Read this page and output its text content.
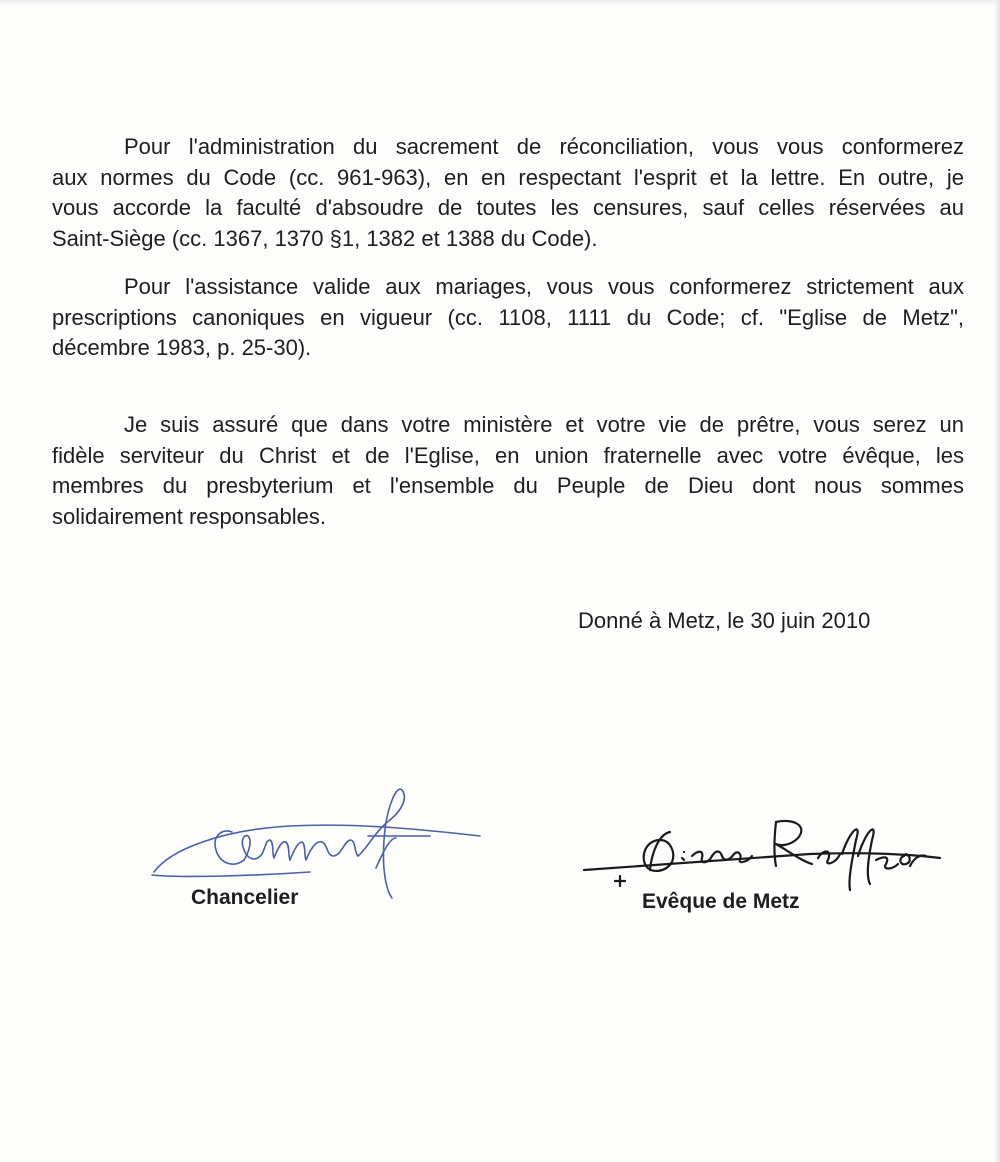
Pour l'administration du sacrement de réconciliation, vous vous conformerez
aux normes du Code (cc. 961-963), en en respectant l'esprit et la lettre. En outre, je
vous accorde la faculté d'absoudre de toutes les censures, sauf celles réservées au
Saint-Siège (cc. 1367, 1370 §1, 1382 et 1388 du Code).

Pour l'assistance valide aux mariages, vous vous conformerez strictement aux
prescriptions canoniques en vigueur (cc. 1108, 1111 du Code; cf. "Eglise de Metz",
décembre 1983, p. 25-30).

Je suis assuré que dans votre ministère et votre vie de prêtre, vous serez un
fidèle serviteur du Christ et de l'Eglise, en union fraternelle avec votre évêque, les
membres du presbyterium et l'ensemble du Peuple de Dieu dont nous sommes
solidairement responsables.

Donné à Metz, le 30 juin 2010
Chancelier	Evêque de Metz
